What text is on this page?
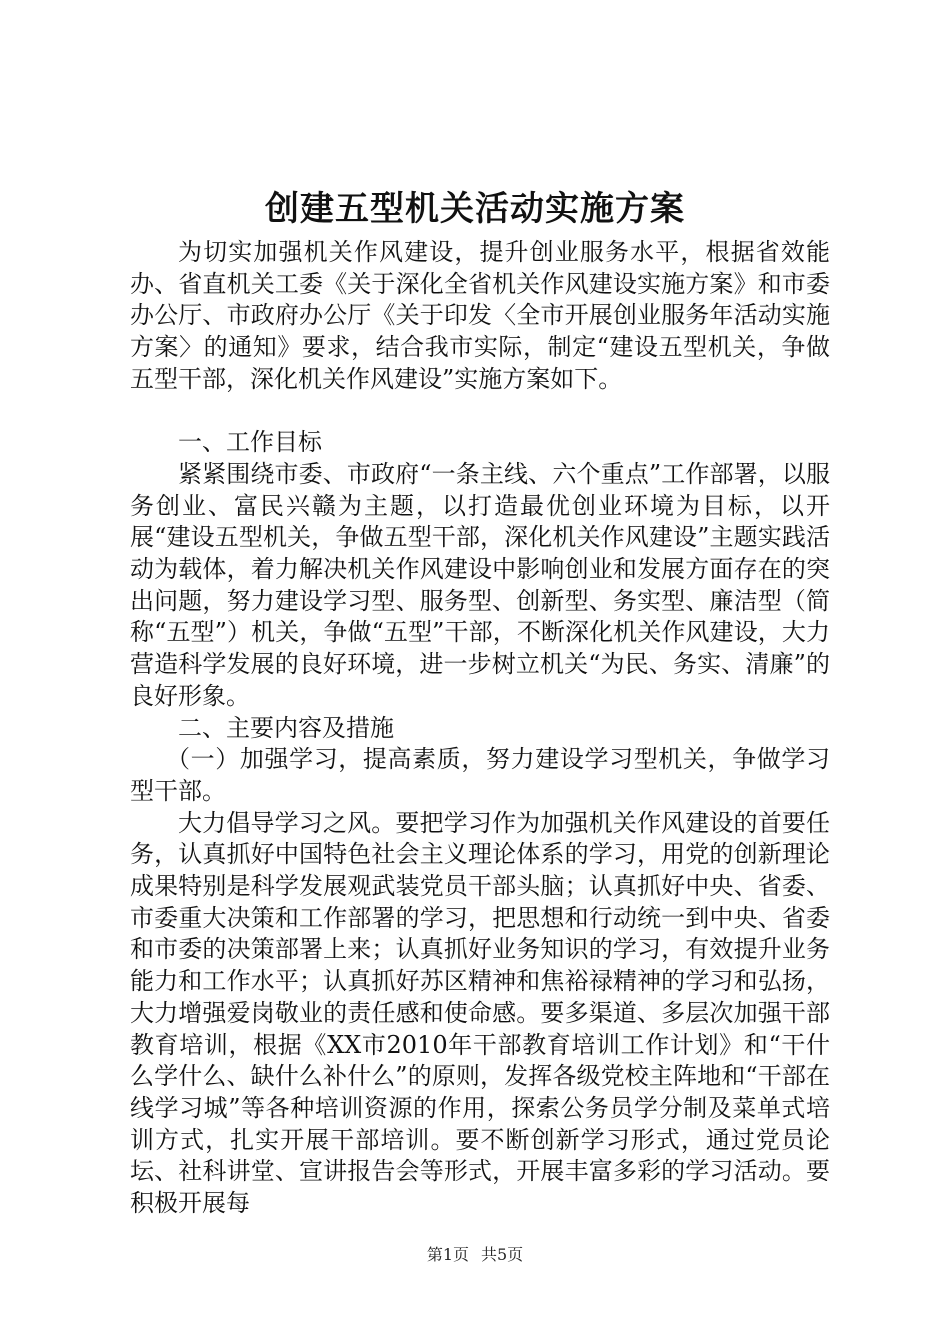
创建五型机关活动实施方案

为切实加强机关作风建设，提升创业服务水平，根据省效能办、省直机关工委《关于深化全省机关作风建设实施方案》和市委办公厅、市政府办公厅《关于印发〈全市开展创业服务年活动实施方案〉的通知》要求，结合我市实际，制定“建设五型机关，争做五型干部，深化机关作风建设”实施方案如下。

一、工作目标

紧紧围绕市委、市政府“一条主线、六个重点”工作部署，以服务创业、富民兴赣为主题，以打造最优创业环境为目标，以开展“建设五型机关，争做五型干部，深化机关作风建设”主题实践活动为载体，着力解决机关作风建设中影响创业和发展方面存在的突出问题，努力建设学习型、服务型、创新型、务实型、廉洁型（简称“五型”）机关，争做“五型”干部，不断深化机关作风建设，大力营造科学发展的良好环境，进一步树立机关“为民、务实、清廉”的良好形象。

二、主要内容及措施

（一）加强学习，提高素质，努力建设学习型机关，争做学习型干部。

大力倡导学习之风。要把学习作为加强机关作风建设的首要任务，认真抓好中国特色社会主义理论体系的学习，用党的创新理论成果特别是科学发展观武装党员干部头脑；认真抓好中央、省委、市委重大决策和工作部署的学习，把思想和行动统一到中央、省委和市委的决策部署上来；认真抓好业务知识的学习，有效提升业务能力和工作水平；认真抓好苏区精神和焦裕禄精神的学习和弘扬，大力增强爱岗敬业的责任感和使命感。要多渠道、多层次加强干部教育培训，根据《XX市2010年干部教育培训工作计划》和“干什么学什么、缺什么补什么”的原则，发挥各级党校主阵地和“干部在线学习城”等各种培训资源的作用，探索公务员学分制及菜单式培训方式，扎实开展干部培训。要不断创新学习形式，通过党员论坛、社科讲堂、宣讲报告会等形式，开展丰富多彩的学习活动。要积极开展每

第1页 共5页
